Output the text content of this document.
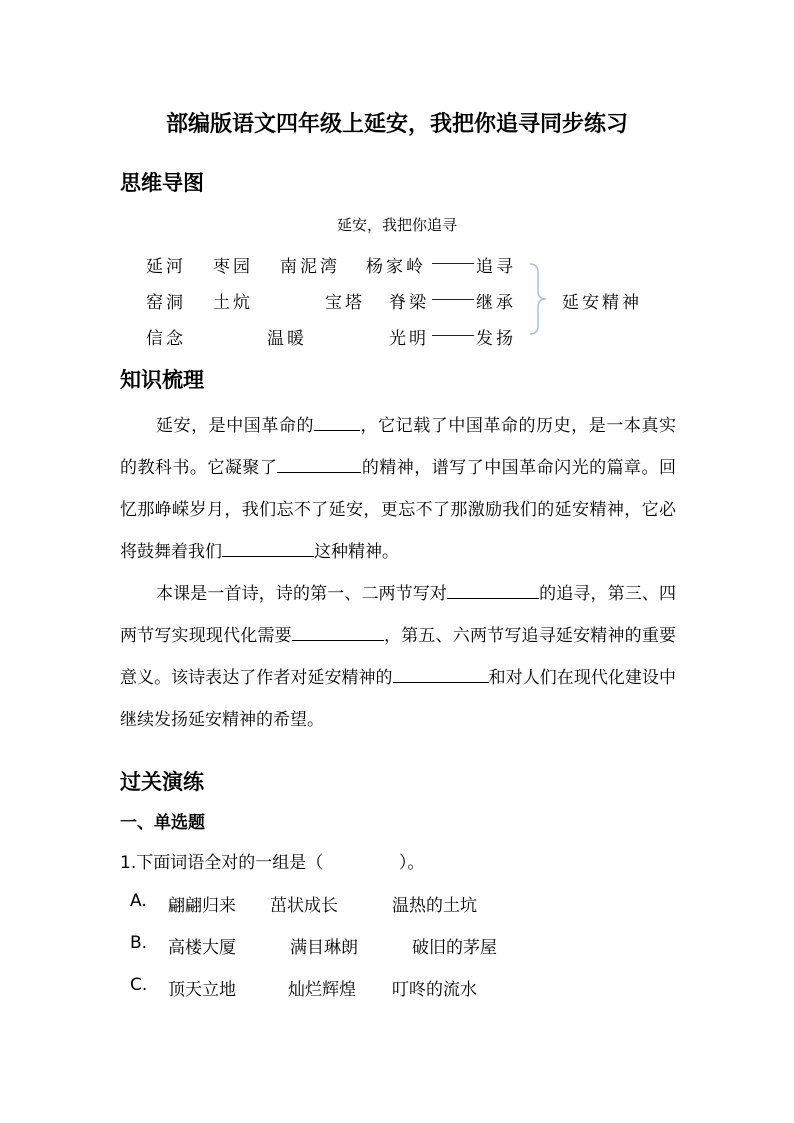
部编版语文四年级上延安，我把你追寻同步练习
思维导图
延安，我把你追寻
延河 枣园 南泥湾 杨家岭	追寻
窑洞 土炕	宝塔 脊梁	继承
信念	温暖	光明	发扬
延安精神
知识梳理
延安，是中国革命的	，它记载了中国革命的历史，是一本真实的教科书。它凝聚了	的精神，谱写了中国革命闪光的篇章。回忆那峥嵘岁月，我们忘不了延安，更忘不了那激励我们的延安精神，它必将鼓舞着我们	这种精神。
本课是一首诗，诗的第一、二两节写对	的追寻，第三、四两节写实现现代化需要	，第五、六两节写追寻延安精神的重要意义。该诗表达了作者对延安精神的	和对人们在现代化建设中继续发扬延安精神的希望。
过关演练
一、单选题
1.下面词语全对的一组是（              ）。
A. 翩翩归来 茁状成长	温热的土坑
B. 高楼大厦	满目琳朗	破旧的茅屋
C. 顶天立地	灿烂辉煌 叮咚的流水
